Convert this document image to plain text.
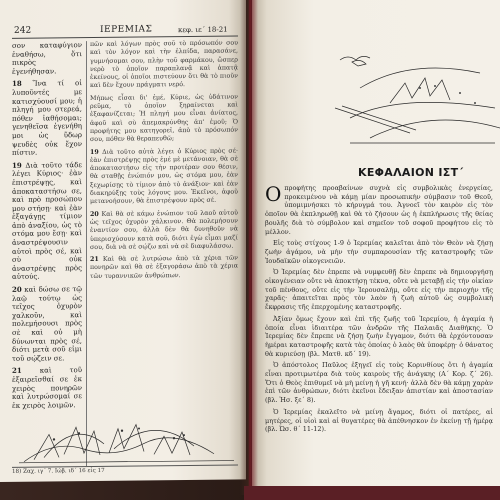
242	ΙΕΡΕΜΙΑΣ	κεφ. ιε΄ 18-21

σον καταφύγιον ἐναθήσω, ὅτι πικρὸς ἐγενήθησαν.

18 Ἵνα τί οἱ λυποῦντές με κατισχύουσί μου; ἡ πληγή μου στερεά, πόθεν ἰαθήσομαι; γενηθεῖσα ἐγενήθη μοι ὡς ὕδωρ ψευδὲς οὐκ ἔχον πίστιν.

19 Διὰ τοῦτο τάδε λέγει Κύριος· ἐὰν ἐπιστρέψῃς, καὶ ἀποκαταστήσω σε, καὶ πρὸ προσώπου μου στήσῃ· καὶ ἐὰν ἐξαγάγῃς τίμιον ἀπὸ ἀναξίου, ὡς τὸ στόμα μου ἔσῃ· καὶ ἀναστρέψουσιν αὐτοὶ πρὸς σέ, καὶ σὺ οὐκ ἀναστρέψῃς πρὸς αὐτούς.

20 καὶ δώσω σε τῷ λαῷ τούτῳ ὡς τεῖχος ὀχυρὸν χαλκοῦν, καὶ πολεμήσουσι πρὸς σὲ καὶ οὐ μὴ δύνωνται πρὸς σέ, διότι μετὰ σοῦ εἰμι τοῦ σῴζειν σε.

21	καὶ τοῦ ἐξαιρεῖσθαί σε ἐκ χειρὸς πονηρῶν καὶ λυτρώσομαί σε ἐκ χειρὸς λοιμῶν.

πῶν καὶ λόγων πρὸς σοῦ τὸ πρόσωπόν σου καὶ τὸν λόγον καὶ τὴν ἐλπίδα, παρασάνε, γυμνήσομαι σου, πλὴν τοῦ φαρμάκου, ὥσπερ νερὸ τὸ ὁποῖον παραπλανᾷ καὶ ἀπατᾷ ἐκείνους, οἱ ὁποῖοι πιστεύουν ὅτι θὰ τὸ πιοῦν καὶ δὲν ἔχουν πράγματι νερό.

Μήπως εἶσαι δι' ἐμέ, Κύριε, ὡς ὑδάτινον ρεῦμα, τὸ ὁποῖον ξηραίνεται καὶ ἐξαφανίζεται; Ἡ πληγή μου εἶναι ἀνίατος, ἀφοῦ καὶ σὺ ἀπεμακρύνθης ἀπ' ἐμοῦ; Ὁ προφήτης μου κατηγορεῖ, ἀπὸ τὸ πρόσωπόν σου, πόθεν θὰ θεραπευθῶ;

19 Διὰ τοῦτο αὐτὰ λέγει ὁ Κύριος πρὸς σέ· ἐὰν ἐπιστρέψῃς πρὸς ἐμέ μὲ μετάνοιαν, θὰ σὲ ἀποκαταστήσω εἰς τὴν προτέραν σου θέσιν, θὰ σταθῇς ἐνώπιόν μου, ὡς στόμα μου, ἐὰν ξεχωρίσῃς τὸ τίμιον ἀπὸ τὸ ἀνάξιον· καὶ ἐὰν διακηρύξῃς τοὺς λόγους μου. Ἐκεῖνοι, ἀφοῦ μετανοήσουν, θὰ ἐπιστρέψουν πρὸς σέ.

20 Καὶ θὰ σὲ κάμω ἐνώπιον τοῦ λαοῦ αὐτοῦ ὡς τεῖχος ὀχυρὸν χάλκινον. Θὰ πολεμήσουν ἐναντίον σου, ἀλλὰ δὲν θὰ δυνηθοῦν νὰ ὑπερισχύσουν κατὰ σοῦ, διότι ἐγὼ εἶμαι μαζί σου, διὰ νὰ σὲ σῴζω καὶ νὰ σὲ διαφυλάσσω.

21 Καὶ θὰ σὲ λυτρώσω ἀπὸ τὰ χέρια τῶν πονηρῶν καὶ θὰ σὲ ἐξαγοράσω ἀπὸ τὰ χέρια τῶν τυραννικῶν ἀνθρώπων.

18) Ζαχ. ιγ΄ 7. Ιώβ. ιδ΄ 16 εἰς 17
ΚΕΦΑΛΑΙΟΝ ΙΣΤ΄

Ο προφήτης προαβαίνων συχνὰ εἰς συμβολικὰς ἐνεργείας, προκειμένου νὰ κάμῃ μίαν προσωπικὴν σύμβασιν τοῦ Θεοῦ, ὑπομιμνήσκει τὸ κήρυγμά του. Ἀγνοεῖ τὸν καιρὸν εἰς τὸν ὁποῖον θὰ ἐκπληρωθῇ καὶ θὰ τὸ ζήσουν ὡς ἡ ἐκπλήρωσις τῆς θείας βουλῆς διὰ τὸ σύμβολον καὶ σημεῖον τοῦ σοφοῦ προφήτου εἰς τὸ μέλλον.

Εἰς τοὺς στίχους 1-9 ὁ Ἱερεμίας καλεῖται ἀπὸ τὸν Θεὸν νὰ ζήσῃ ζωὴν ἀγάμου, νὰ μὴν τὴν συμπαρουσίαν τῆς καταστροφῆς τῶν Ἰουδαϊκῶν οἰκογενειῶν.

Ὁ Ἱερεμίας δὲν ἐπρεπε νὰ νυμφευθῇ δὲν ἐπρεπε νὰ δημιουργήσῃ οἰκογένειαν οὔτε νὰ ἀποκτήσῃ τέκνα, οὔτε νὰ μεταβῇ εἰς τὴν οἰκίαν τοῦ πένθους, οὔτε εἰς τὴν Ἱερουσαλήμ, οὔτε εἰς τὴν περιοχὴν τῆς χαρᾶς· ἀπαιτεῖται πρὸς τὸν λαὸν ἡ ζωὴ αὐτοῦ ὡς συμβολικὴ ἔκφρασις τῆς ἐπερχομένης καταστροφῆς.

Ἀξίαν ὅμως ἔχουν καὶ ἐπὶ τῆς ζωῆς τοῦ Ἱερεμίου, ἡ ἀγαμία ἡ ὁποία εἶναι ἰδιαιτέρα τῶν ἀνδρῶν τῆς Παλαιᾶς Διαθήκης. Ὁ Ἱερεμίας δὲν ἔπρεπε νὰ ζήσῃ ζωὴν ἔγγαμον, διότι θὰ ἐρχόντουσαν ἡμέραι καταστροφῆς κατὰ τὰς ὁποίας ὁ λαὸς θὰ ὑποφέρῃ· ὁ θάνατος θὰ κυριεύσῃ (βλ. Ματθ. κδ΄ 19).

Ὁ ἀπόστολος Παῦλος ἐξηγεῖ εἰς τοὺς Κορινθίους ὅτι ἡ ἀγαμία εἶναι προτιμωτέρα διὰ τοὺς καιροὺς τῆς ἀνάγκης (Α΄ Κορ. ζ΄ 26). Ὅτι ὁ Θεὸς ἐπιθυμεῖ νὰ μὴ μείνῃ ἡ γῆ κενή· ἀλλὰ δὲν θὰ κάμῃ χαρὰν ἐπὶ τῶν ἀνθρώπων, διότι ἐκεῖνοι ἔδειξαν ἀπιστίαν καὶ ἀποστασίαν (βλ. Ἡσ. ξε΄ 8).

Ὁ Ἱερεμίας ἐκαλεῖτο νὰ μείνῃ ἄγαμος, διότι οἱ πατέρες, αἱ μητέρες, οἱ υἱοὶ καὶ αἱ θυγατέρες θὰ ἀπέθνησκον ἐν ἐκείνῃ τῇ ἡμέρᾳ (βλ. Ὠσ. θ΄ 11-12).
